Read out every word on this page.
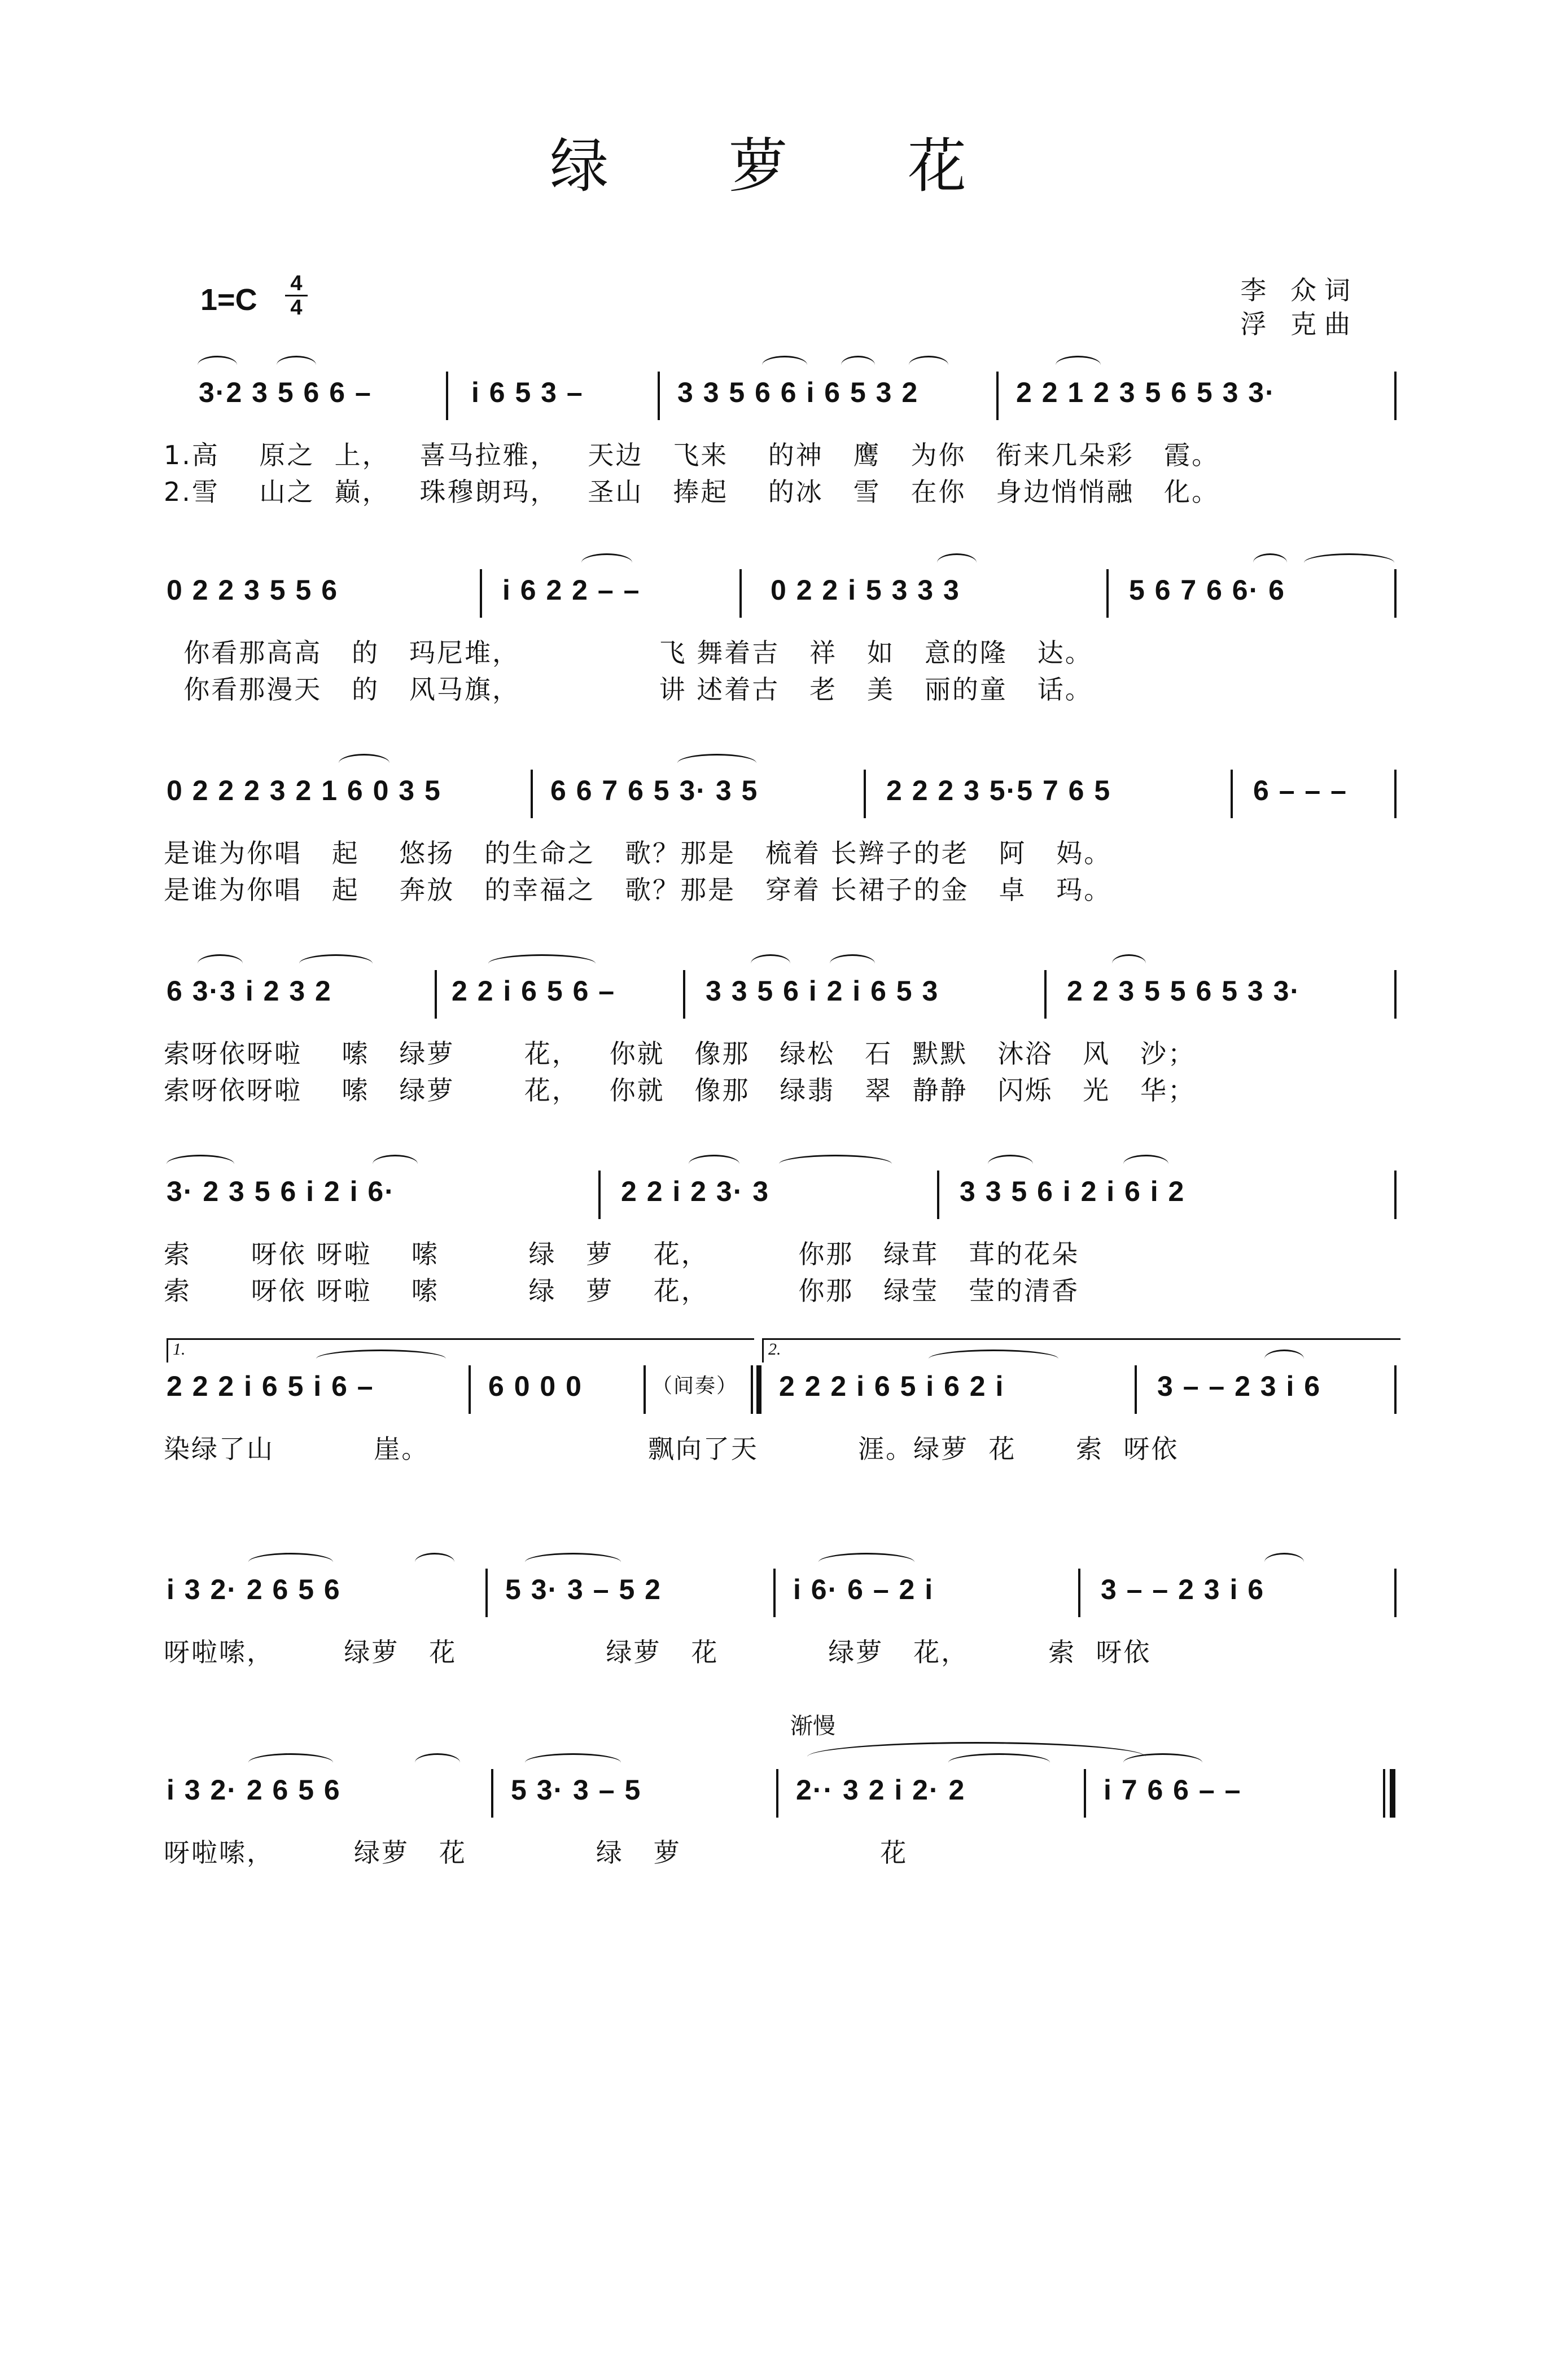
绿 萝 花
1=C 4
4
李 众词
浮 克曲

3·2 3 5 6 6 –

	i 6 5 3 –

	3 3 5 6 6 i 6 5 3 2

	2 2 1 2 3 5 6 5 3 3·

1.高    原之  上，   喜马拉雅，   天边   飞来    的神   鹰   为你   衔来几朵彩   霞。
2.雪    山之  巅，   珠穆朗玛，   圣山   捧起    的冰   雪   在你   身边悄悄融   化。

0 2 2 3 5 5 6

	i 6 2 2 – –

	0 2 2 i 5 3 3 3

	5 6 7 6 6· 6

你看那高高   的   玛尼堆，              飞 舞着吉   祥   如   意的隆   达。
你看那漫天   的   风马旗，              讲 述着古   老   美   丽的童   话。

0 2 2 2 3 2 1 6 0 3 5

	6 6 7 6 5 3· 3 5

	2 2 2 3 5·5 7 6 5

	6 – – –

是谁为你唱   起    悠扬   的生命之   歌？那是   梳着 长辫子的老   阿   妈。
是谁为你唱   起    奔放   的幸福之   歌？那是   穿着 长裙子的金   卓   玛。

6 3·3 i 2 3 2

	2 2 i 6 5 6 –

	3 3 5 6 i 2 i 6 5 3

	2 2 3 5 5 6 5 3 3·

索呀依呀啦    嗦   绿萝       花，   你就   像那   绿松   石  默默   沐浴   风   沙；
索呀依呀啦    嗦   绿萝       花，   你就   像那   绿翡   翠  静静   闪烁   光   华；

3· 2 3 5 6 i 2 i 6·

	2 2 i 2 3· 3

	3 3 5 6 i 2 i 6 i 2

索      呀依 呀啦    嗦         绿   萝    花，         你那   绿茸   茸的花朵
索      呀依 呀啦    嗦         绿   萝    花，         你那   绿莹   莹的清香
1.	2.

2 2 2 i 6 5 i 6 –

	6 0 0 0

	（间奏）

2 2 2 i 6 5 i 6 2 i

	3 – – 2 3 i 6

染绿了山          崖。                      飘向了天          涯。绿萝  花      索  呀依

i 3 2· 2 6 5 6

	5 3· 3 – 5 2

	i 6· 6 – 2 i

	3 – – 2 3 i 6

呀啦嗦，       绿萝   花               绿萝   花           绿萝   花，        索  呀依
渐慢

i 3 2· 2 6 5 6

	5 3· 3 – 5

	2·· 3 2 i 2· 2

	i 7 6 6 – –

呀啦嗦，        绿萝   花             绿   萝                    花
